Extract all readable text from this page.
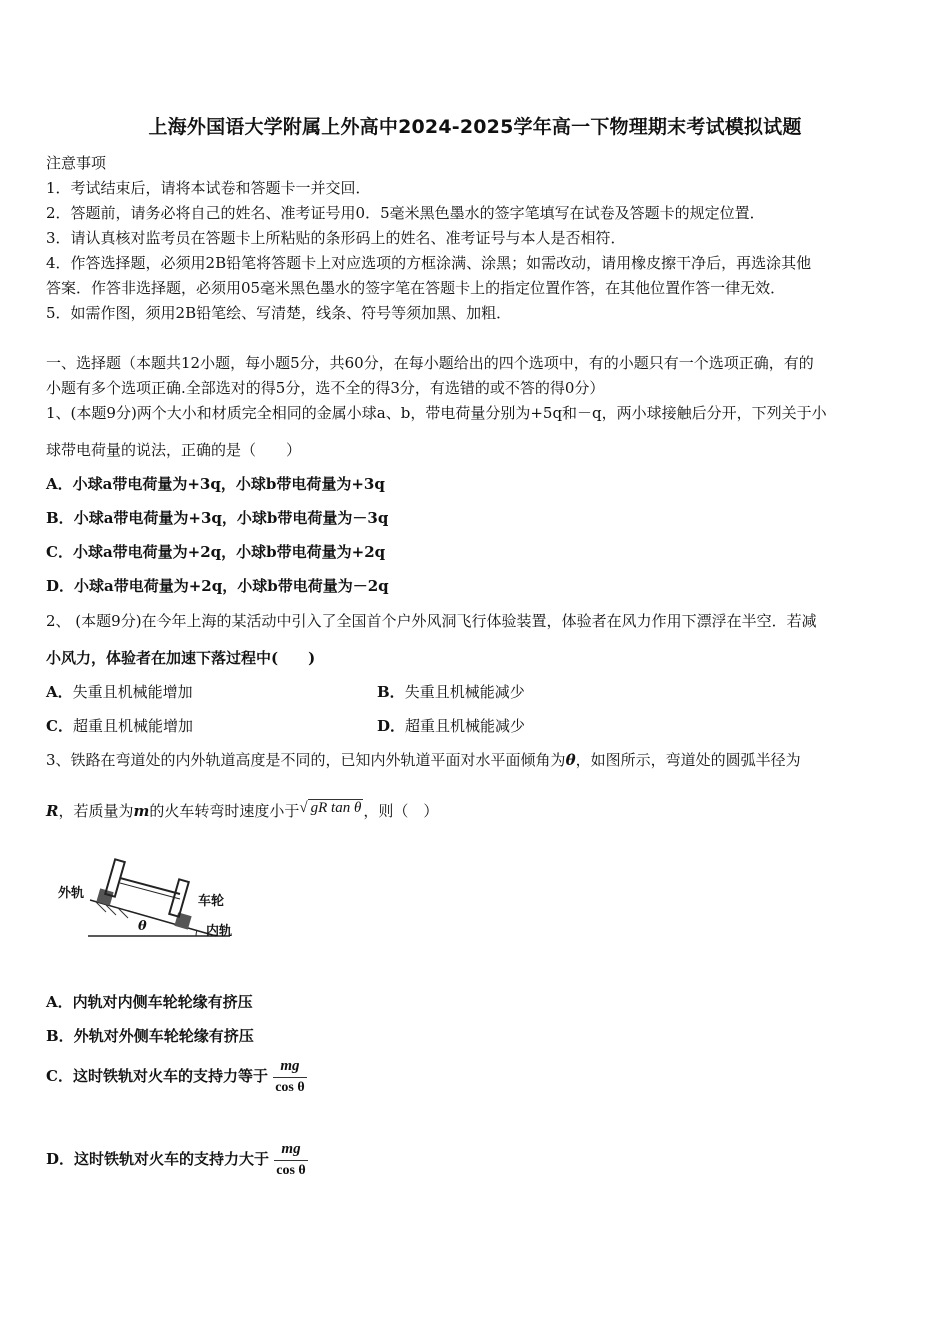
上海外国语大学附属上外高中2024-2025学年高一下物理期末考试模拟试题
注意事项
1．考试结束后，请将本试卷和答题卡一并交回．
2．答题前，请务必将自己的姓名、准考证号用0．5毫米黑色墨水的签字笔填写在试卷及答题卡的规定位置．
3．请认真核对监考员在答题卡上所粘贴的条形码上的姓名、准考证号与本人是否相符．
4．作答选择题，必须用2B铅笔将答题卡上对应选项的方框涂满、涂黑；如需改动，请用橡皮擦干净后，再选涂其他
答案．作答非选择题，必须用05毫米黑色墨水的签字笔在答题卡上的指定位置作答，在其他位置作答一律无效．
5．如需作图，须用2B铅笔绘、写清楚，线条、符号等须加黑、加粗．
一、选择题（本题共12小题，每小题5分，共60分，在每小题给出的四个选项中，有的小题只有一个选项正确，有的
小题有多个选项正确.全部选对的得5分，选不全的得3分，有选错的或不答的得0分）
1、(本题9分)两个大小和材质完全相同的金属小球a、b，带电荷量分别为+5q和－q，两小球接触后分开，下列关于小
球带电荷量的说法，正确的是（　　）
A．小球a带电荷量为+3q，小球b带电荷量为+3q
B．小球a带电荷量为+3q，小球b带电荷量为－3q
C．小球a带电荷量为+2q，小球b带电荷量为+2q
D．小球a带电荷量为+2q，小球b带电荷量为－2q
2、 (本题9分)在今年上海的某活动中引入了全国首个户外风洞飞行体验装置，体验者在风力作用下漂浮在半空．若减
小风力，体验者在加速下落过程中(　　)
A．失重且机械能增加	B．失重且机械能减少
C．超重且机械能增加	D．超重且机械能减少
3、铁路在弯道处的内外轨道高度是不同的，已知内外轨道平面对水平面倾角为θ，如图所示，弯道处的圆弧半径为
R，若质量为m的火车转弯时速度小于√ gR tan θ ，则（　）
外轨
车轮
内轨
θ
A．内轨对内侧车轮轮缘有挤压
B．外轨对外侧车轮轮缘有挤压
C．这时铁轨对火车的支持力等于 $\frac{mg}{\text{cos θ}}$
D．这时铁轨对火车的支持力大于 $\frac{mg}{\text{cos θ}}$
